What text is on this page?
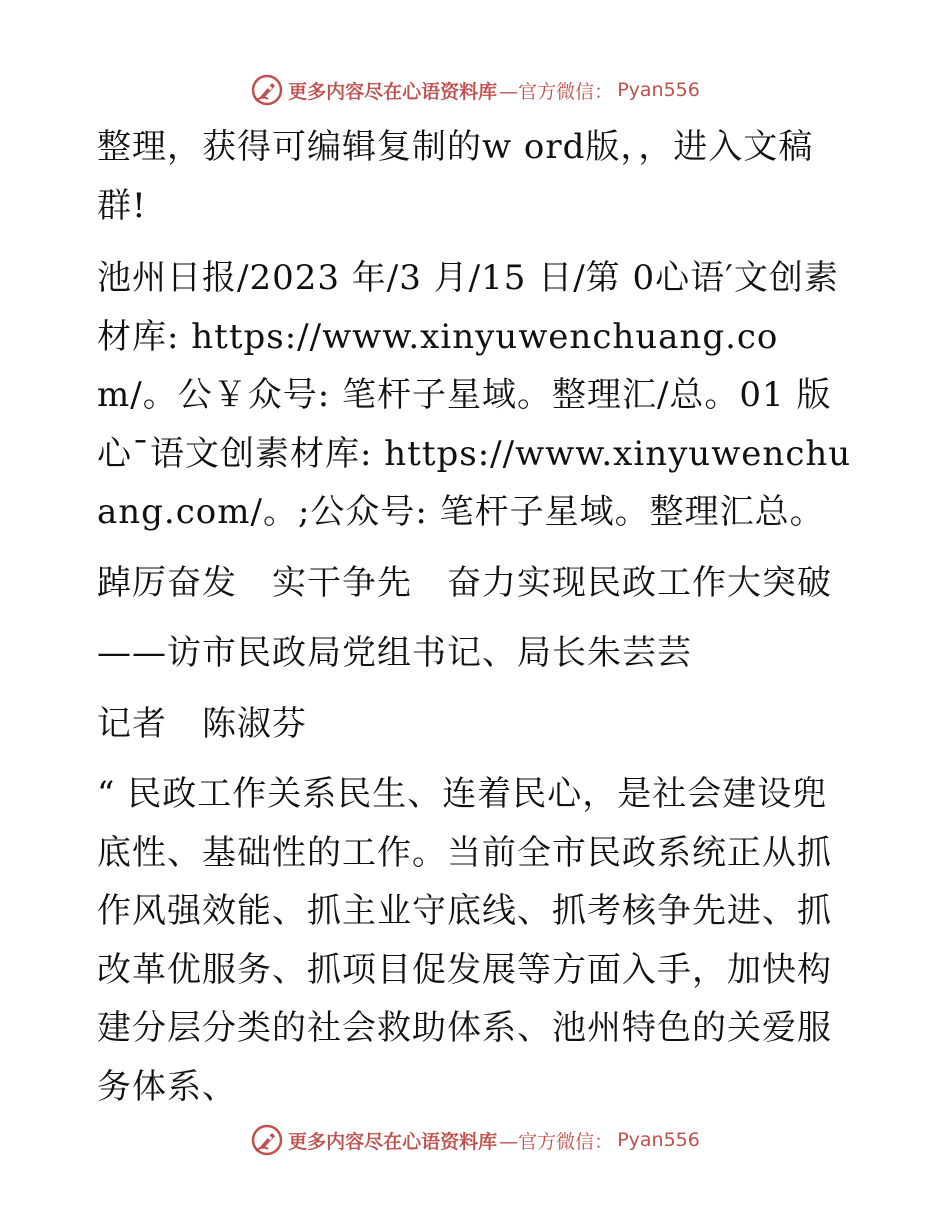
更多内容尽在心语资料库 —官方微信： Pyan556

整理，获得可编辑复制的w ord版，，进入文稿群!

池州日报/2023 年/3 月/15 日/第 0心语′文创素材库: https://www.xinyuwenchuang.com/。公￥众号: 笔杆子星域。整理汇/总。01 版心¯语文创素材库: https://www.xinyuwenchuang.com/。;公众号: 笔杆子星域。整理汇总。

踔厉奋发　实干争先　奋力实现民政工作大突破

——访市民政局党组书记、局长朱芸芸

记者　陈淑芬

“ 民政工作关系民生、连着民心，是社会建设兜底性、基础性的工作。当前全市民政系统正从抓作风强效能、抓主业守底线、抓考核争先进、抓改革优服务、抓项目促发展等方面入手，加快构建分层分类的社会救助体系、池州特色的关爱服务体系、

更多内容尽在心语资料库 —官方微信： Pyan556
